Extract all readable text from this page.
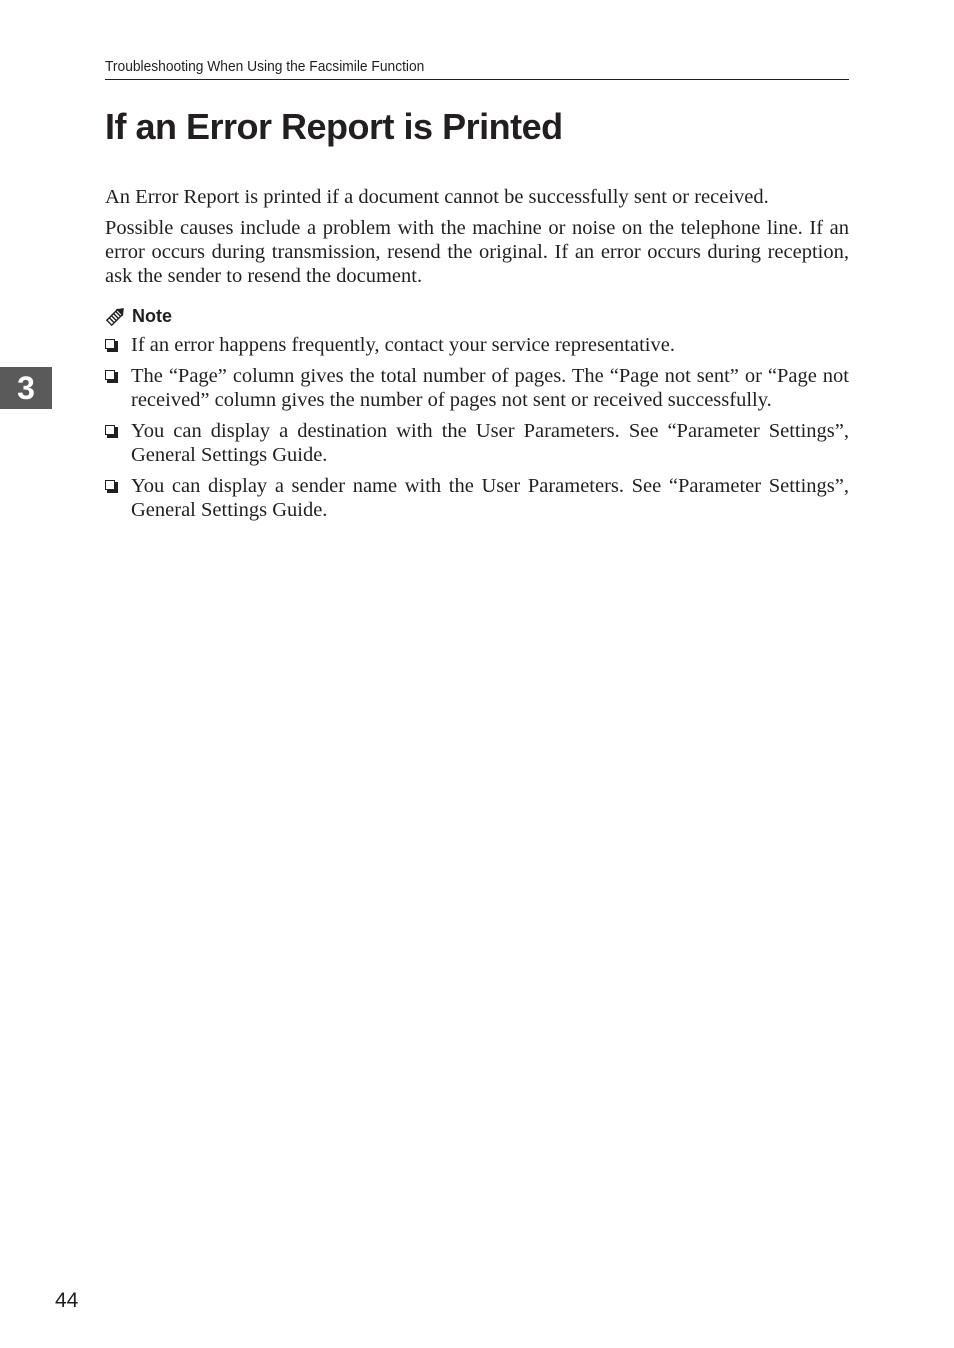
Troubleshooting When Using the Facsimile Function
If an Error Report is Printed

An Error Report is printed if a document cannot be successfully sent or received.

Possible causes include a problem with the machine or noise on the telephone line. If an error occurs during transmission, resend the original. If an error occurs during reception, ask the sender to resend the document.

Note
If an error happens frequently, contact your service representative.
The “Page” column gives the total number of pages. The “Page not sent” or “Page not received” column gives the number of pages not sent or received successfully.
You can display a destination with the User Parameters. See “Parameter Settings”, General Settings Guide.
You can display a sender name with the User Parameters. See “Parameter Settings”, General Settings Guide.
3
44
